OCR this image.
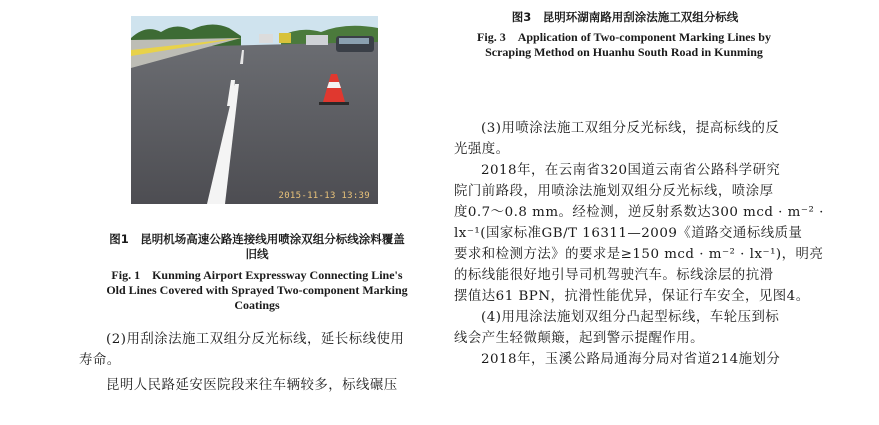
2015-11-13 13:39
图1　昆明机场高速公路连接线用喷涂双组分标线涂料覆盖
旧线
Fig. 1　Kunming Airport Expressway Connecting Line's
Old Lines Covered with Sprayed Two-component Marking
Coatings
(2)用刮涂法施工双组分反光标线，延长标线使用
寿命。
昆明人民路延安医院段来往车辆较多，标线碾压
图3　昆明环湖南路用刮涂法施工双组分标线
Fig. 3　Application of Two-component Marking Lines by
Scraping Method on Huanhu South Road in Kunming
(3)用喷涂法施工双组分反光标线，提高标线的反
光强度。
2018年，在云南省320国道云南省公路科学研究
院门前路段，用喷涂法施划双组分反光标线，喷涂厚
度0.7～0.8 mm。经检测，逆反射系数达300 mcd · m⁻² ·
lx⁻¹(国家标准GB/T 16311—2009《道路交通标线质量
要求和检测方法》的要求是≥150 mcd · m⁻² · lx⁻¹)，明亮
的标线能很好地引导司机驾驶汽车。标线涂层的抗滑
摆值达61 BPN，抗滑性能优异，保证行车安全，见图4。
(4)用甩涂法施划双组分凸起型标线，车轮压到标
线会产生轻微颠簸，起到警示提醒作用。
2018年，玉溪公路局通海分局对省道214施划分
